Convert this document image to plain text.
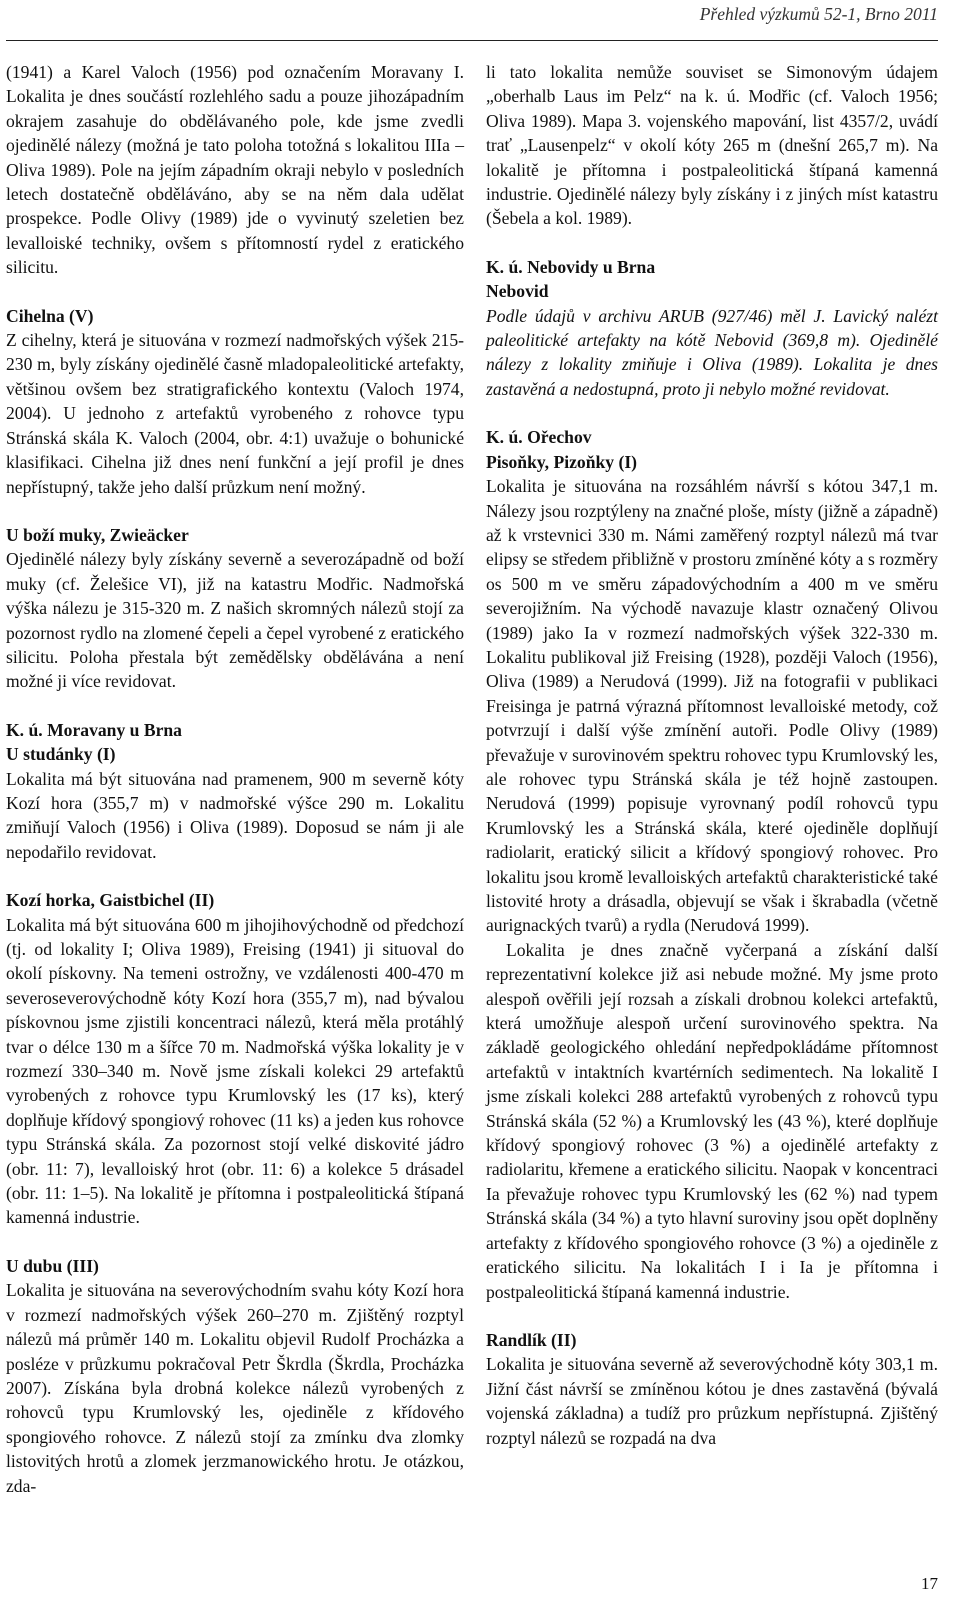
Přehled výzkumů 52-1, Brno 2011

(1941) a Karel Valoch (1956) pod označením Moravany I. Lokalita je dnes součástí rozlehlého sadu a pouze jihozápadním okrajem zasahuje do obdělávaného pole, kde jsme zvedli ojedinělé nálezy (možná je tato poloha totožná s lokalitou IIIa – Oliva 1989). Pole na jejím západním okraji nebylo v posledních letech dostatečně obděláváno, aby se na něm dala udělat prospekce. Podle Olivy (1989) jde o vyvinutý szeletien bez levalloiské techniky, ovšem s přítomností rydel z eratického silicitu.

Cihelna (V)

Z cihelny, která je situována v rozmezí nadmořských výšek 215-230 m, byly získány ojedinělé časně mladopaleolitické artefakty, většinou ovšem bez stratigrafického kontextu (Valoch 1974, 2004). U jednoho z artefaktů vyrobeného z rohovce typu Stránská skála K. Valoch (2004, obr. 4:1) uvažuje o bohunické klasifikaci. Cihelna již dnes není funkční a její profil je dnes nepřístupný, takže jeho další průzkum není možný.

U boží muky, Zwieäcker

Ojedinělé nálezy byly získány severně a severozápadně od boží muky (cf. Želešice VI), již na katastru Modřic. Nadmořská výška nálezu je 315-320 m. Z našich skromných nálezů stojí za pozornost rydlo na zlomené čepeli a čepel vyrobené z eratického silicitu. Poloha přestala být zemědělsky obdělávána a není možné ji více revidovat.

K. ú. Moravany u Brna

U studánky (I)

Lokalita má být situována nad pramenem, 900 m severně kóty Kozí hora (355,7 m) v nadmořské výšce 290 m. Lokalitu zmiňují Valoch (1956) i Oliva (1989). Doposud se nám ji ale nepodařilo revidovat.

Kozí horka, Gaistbichel (II)

Lokalita má být situována 600 m jihojihovýchodně od předchozí (tj. od lokality I; Oliva 1989), Freising (1941) ji situoval do okolí pískovny. Na temeni ostrožny, ve vzdálenosti 400-470 m severoseverovýchodně kóty Kozí hora (355,7 m), nad bývalou pískovnou jsme zjistili koncentraci nálezů, která měla protáhlý tvar o délce 130 m a šířce 70 m. Nadmořská výška lokality je v rozmezí 330–340 m. Nově jsme získali kolekci 29 artefaktů vyrobených z rohovce typu Krumlovský les (17 ks), který doplňuje křídový spongiový rohovec (11 ks) a jeden kus rohovce typu Stránská skála. Za pozornost stojí velké diskovité jádro (obr. 11: 7), levalloiský hrot (obr. 11: 6) a kolekce 5 drásadel (obr. 11: 1–5). Na lokalitě je přítomna i postpaleolitická štípaná kamenná industrie.

U dubu (III)

Lokalita je situována na severovýchodním svahu kóty Kozí hora v rozmezí nadmořských výšek 260–270 m. Zjištěný rozptyl nálezů má průměr 140 m. Lokalitu objevil Rudolf Procházka a posléze v průzkumu pokračoval Petr Škrdla (Škrdla, Procházka 2007). Získána byla drobná kolekce nálezů vyrobených z rohovců typu Krumlovský les, ojediněle z křídového spongiového rohovce. Z nálezů stojí za zmínku dva zlomky listovitých hrotů a zlomek jerzmanowického hrotu. Je otázkou, zda-

li tato lokalita nemůže souviset se Simonovým údajem „oberhalb Laus im Pelz“ na k. ú. Modřic (cf. Valoch 1956; Oliva 1989). Mapa 3. vojenského mapování, list 4357/2, uvádí trať „Lausenpelz“ v okolí kóty 265 m (dnešní 265,7 m). Na lokalitě je přítomna i postpaleolitická štípaná kamenná industrie. Ojedinělé nálezy byly získány i z jiných míst katastru (Šebela a kol. 1989).

K. ú. Nebovidy u Brna

Nebovid

Podle údajů v archivu ARUB (927/46) měl J. Lavický nalézt paleolitické artefakty na kótě Nebovid (369,8 m). Ojedinělé nálezy z lokality zmiňuje i Oliva (1989). Lokalita je dnes zastavěná a nedostupná, proto ji nebylo možné revidovat.

K. ú. Ořechov

Pisoňky, Pizoňky (I)

Lokalita je situována na rozsáhlém návrší s kótou 347,1 m. Nálezy jsou rozptýleny na značné ploše, místy (jižně a západně) až k vrstevnici 330 m. Námi zaměřený rozptyl nálezů má tvar elipsy se středem přibližně v prostoru zmíněné kóty a s rozměry os 500 m ve směru západovýchodním a 400 m ve směru severojižním. Na východě navazuje klastr označený Olivou (1989) jako Ia v rozmezí nadmořských výšek 322-330 m. Lokalitu publikoval již Freising (1928), později Valoch (1956), Oliva (1989) a Nerudová (1999). Již na fotografii v publikaci Freisinga je patrná výrazná přítomnost levalloiské metody, což potvrzují i další výše zmínění autoři. Podle Olivy (1989) převažuje v surovinovém spektru rohovec typu Krumlovský les, ale rohovec typu Stránská skála je též hojně zastoupen. Nerudová (1999) popisuje vyrovnaný podíl rohovců typu Krumlovský les a Stránská skála, které ojediněle doplňují radiolarit, eratický silicit a křídový spongiový rohovec. Pro lokalitu jsou kromě levalloiských artefaktů charakteristické také listovité hroty a drásadla, objevují se však i škrabadla (včetně aurignackých tvarů) a rydla (Nerudová 1999).

Lokalita je dnes značně vyčerpaná a získání další reprezentativní kolekce již asi nebude možné. My jsme proto alespoň ověřili její rozsah a získali drobnou kolekci artefaktů, která umožňuje alespoň určení surovinového spektra. Na základě geologického ohledání nepředpokládáme přítomnost artefaktů v intaktních kvartérních sedimentech. Na lokalitě I jsme získali kolekci 288 artefaktů vyrobených z rohovců typu Stránská skála (52 %) a Krumlovský les (43 %), které doplňuje křídový spongiový rohovec (3 %) a ojedinělé artefakty z radiolaritu, křemene a eratického silicitu. Naopak v koncentraci Ia převažuje rohovec typu Krumlovský les (62 %) nad typem Stránská skála (34 %) a tyto hlavní suroviny jsou opět doplněny artefakty z křídového spongiového rohovce (3 %) a ojediněle z eratického silicitu. Na lokalitách I i Ia je přítomna i postpaleolitická štípaná kamenná industrie.

Randlík (II)

Lokalita je situována severně až severovýchodně kóty 303,1 m. Jižní část návrší se zmíněnou kótou je dnes zastavěná (bývalá vojenská základna) a tudíž pro průzkum nepřístupná. Zjištěný rozptyl nálezů se rozpadá na dva

17
